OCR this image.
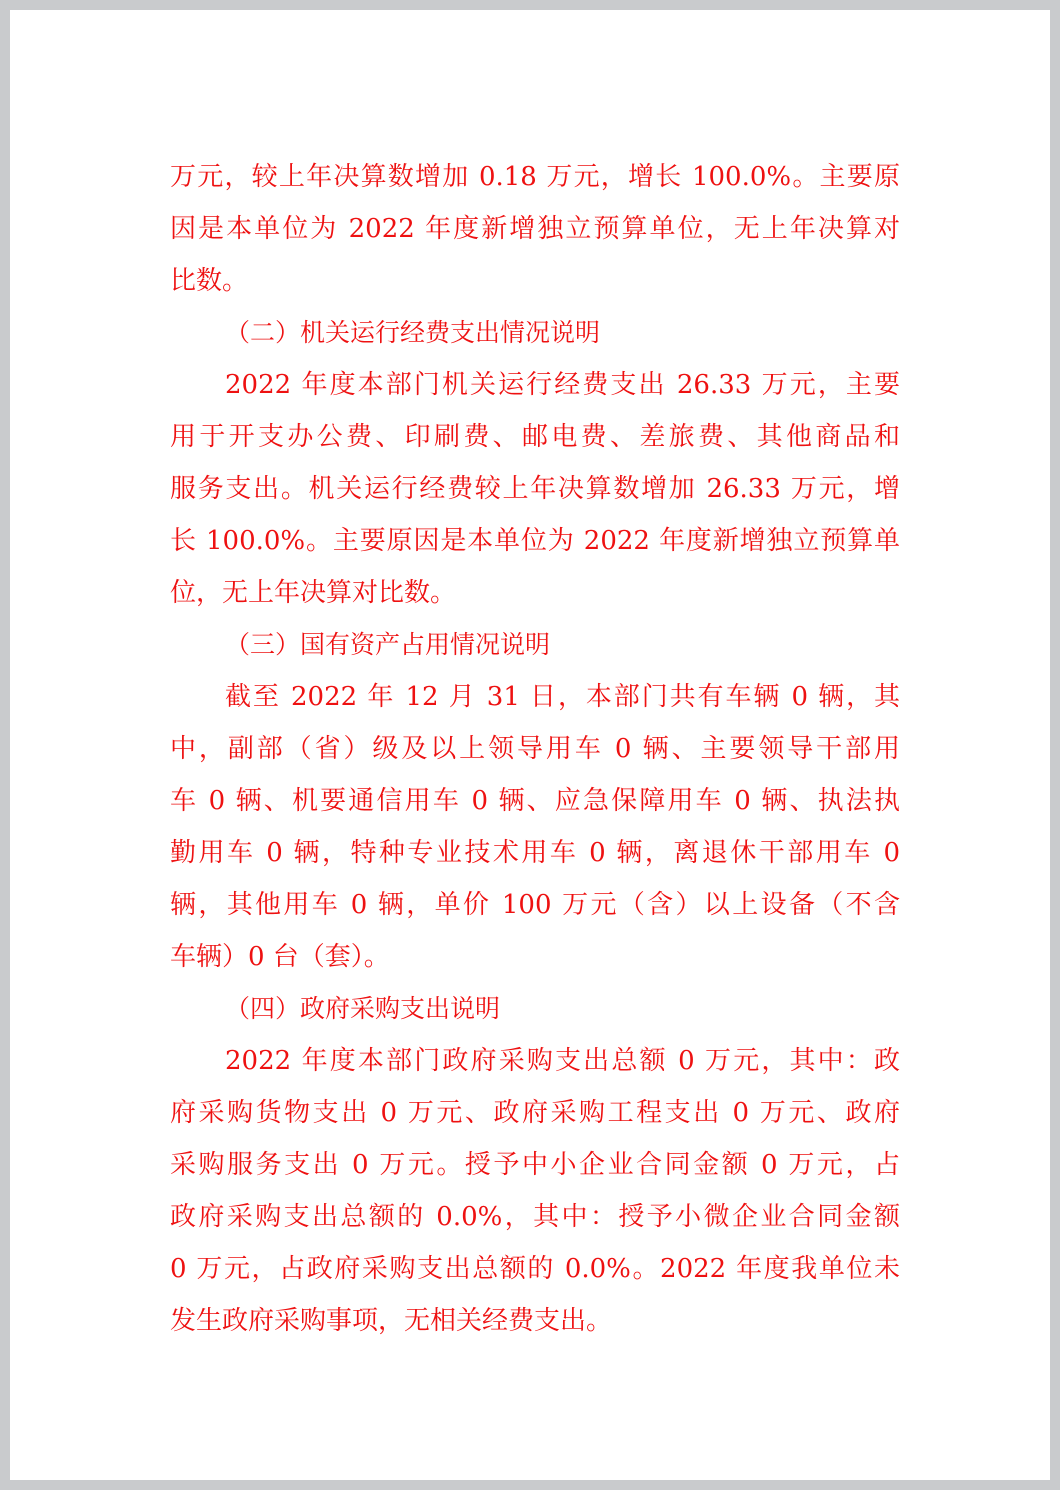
万元，较上年决算数增加 0.18 万元，增长 100.0%。主要原
因是本单位为 2022 年度新增独立预算单位，无上年决算对
比数。
（二）机关运行经费支出情况说明
2022 年度本部门机关运行经费支出 26.33 万元，主要
用于开支办公费、印刷费、邮电费、差旅费、其他商品和
服务支出。机关运行经费较上年决算数增加 26.33 万元，增
长 100.0%。主要原因是本单位为 2022 年度新增独立预算单
位，无上年决算对比数。
（三）国有资产占用情况说明
截至 2022 年 12 月 31 日，本部门共有车辆 0 辆，其
中，副部（省）级及以上领导用车 0 辆、主要领导干部用
车 0 辆、机要通信用车 0 辆、应急保障用车 0 辆、执法执
勤用车 0 辆，特种专业技术用车 0 辆，离退休干部用车 0
辆，其他用车 0 辆，单价 100 万元（含）以上设备（不含
车辆）0 台（套）。
（四）政府采购支出说明
2022 年度本部门政府采购支出总额 0 万元，其中：政
府采购货物支出 0 万元、政府采购工程支出 0 万元、政府
采购服务支出 0 万元。授予中小企业合同金额 0 万元，占
政府采购支出总额的 0.0%，其中：授予小微企业合同金额
0 万元，占政府采购支出总额的 0.0%。2022 年度我单位未
发生政府采购事项，无相关经费支出。
